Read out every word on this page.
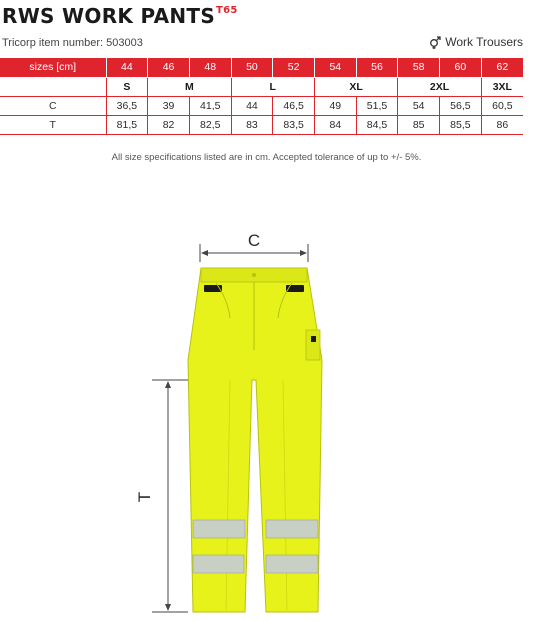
RWS WORK $PANTS^{T65}$
Tricorp item number: 503003	Work Trousers
sizes [cm]	44	46	48	50	52	54	56	58	60	62
	S	M		L		XL		2XL		3XL
C	36,5	39	41,5	44	46,5	49	51,5	54	56,5	60,5
T	81,5	82	82,5	83	83,5	84	84,5	85	85,5	86
All size specifications listed are in cm. Accepted tolerance of up to +/- 5%.
C
T
